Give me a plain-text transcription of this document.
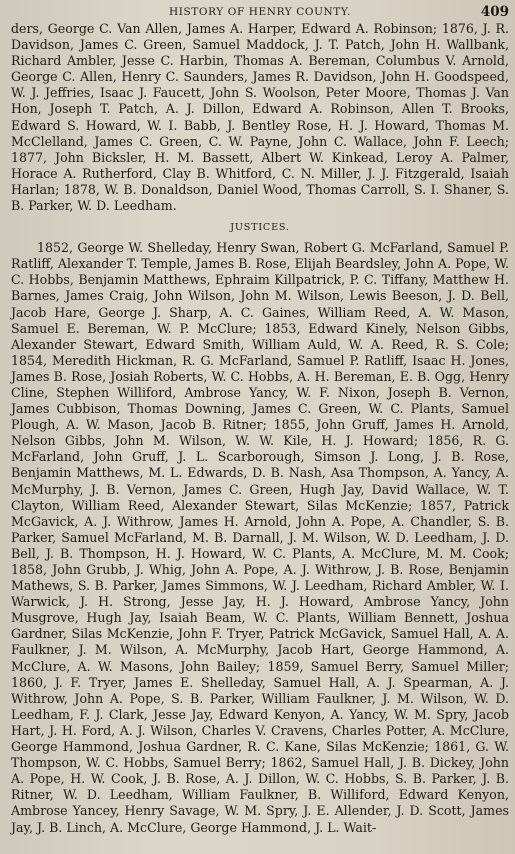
HISTORY OF HENRY COUNTY.	409

ders, George C. Van Allen, James A. Harper, Edward A. Robinson; 1876, J. R. Davidson, James C. Green, Samuel Maddock, J. T. Patch, John H. Wallbank, Richard Ambler, Jesse C. Harbin, Thomas A. Bereman, Columbus V. Arnold, George C. Allen, Henry C. Saunders, James R. Davidson, John H. Goodspeed, W. J. Jeffries, Isaac J. Faucett, John S. Woolson, Peter Moore, Thomas J. Van Hon, Joseph T. Patch, A. J. Dillon, Edward A. Robinson, Allen T. Brooks, Edward S. Howard, W. I. Babb, J. Bentley Rose, H. J. Howard, Thomas M. McClelland, James C. Green, C. W. Payne, John C. Wallace, John F. Leech; 1877, John Bicksler, H. M. Bassett, Albert W. Kinkead, Leroy A. Palmer, Horace A. Rutherford, Clay B. Whitford, C. N. Miller, J. J. Fitzgerald, Isaiah Harlan; 1878, W. B. Donaldson, Daniel Wood, Thomas Carroll, S. I. Shaner, S. B. Parker, W. D. Leedham.

JUSTICES.

1852, George W. Shelleday, Henry Swan, Robert G. McFarland, Samuel P. Ratliff, Alexander T. Temple, James B. Rose, Elijah Beardsley, John A. Pope, W. C. Hobbs, Benjamin Matthews, Ephraim Killpatrick, P. C. Tiffany, Matthew H. Barnes, James Craig, John Wilson, John M. Wilson, Lewis Beeson, J. D. Bell, Jacob Hare, George J. Sharp, A. C. Gaines, William Reed, A. W. Mason, Samuel E. Bereman, W. P. McClure; 1853, Edward Kinely, Nelson Gibbs, Alexander Stewart, Edward Smith, William Auld, W. A. Reed, R. S. Cole; 1854, Meredith Hickman, R. G. McFarland, Samuel P. Ratliff, Isaac H. Jones, James B. Rose, Josiah Roberts, W. C. Hobbs, A. H. Bereman, E. B. Ogg, Henry Cline, Stephen Williford, Ambrose Yancy, W. F. Nixon, Joseph B. Vernon, James Cubbison, Thomas Downing, James C. Green, W. C. Plants, Samuel Plough, A. W. Mason, Jacob B. Ritner; 1855, John Gruff, James H. Arnold, Nelson Gibbs, John M. Wilson, W. W. Kile, H. J. Howard; 1856, R. G. McFarland, John Gruff, J. L. Scarborough, Simson J. Long, J. B. Rose, Benjamin Matthews, M. L. Edwards, D. B. Nash, Asa Thompson, A. Yancy, A. McMurphy, J. B. Vernon, James C. Green, Hugh Jay, David Wallace, W. T. Clayton, William Reed, Alexander Stewart, Silas McKenzie; 1857, Patrick McGavick, A. J. Withrow, James H. Arnold, John A. Pope, A. Chandler, S. B. Parker, Samuel McFarland, M. B. Darnall, J. M. Wilson, W. D. Leedham, J. D. Bell, J. B. Thompson, H. J. Howard, W. C. Plants, A. McClure, M. M. Cook; 1858, John Grubb, J. Whig, John A. Pope, A. J. Withrow, J. B. Rose, Benjamin Mathews, S. B. Parker, James Simmons, W. J. Leedham, Richard Ambler, W. I. Warwick, J. H. Strong, Jesse Jay, H. J. Howard, Ambrose Yancy, John Musgrove, Hugh Jay, Isaiah Beam, W. C. Plants, William Bennett, Joshua Gardner, Silas McKenzie, John F. Tryer, Patrick McGavick, Samuel Hall, A. A. Faulkner, J. M. Wilson, A. McMurphy, Jacob Hart, George Hammond, A. McClure, A. W. Masons, John Bailey; 1859, Samuel Berry, Samuel Miller; 1860, J. F. Tryer, James E. Shelleday, Samuel Hall, A. J. Spearman, A. J. Withrow, John A. Pope, S. B. Parker, William Faulkner, J. M. Wilson, W. D. Leedham, F. J. Clark, Jesse Jay, Edward Kenyon, A. Yancy, W. M. Spry, Jacob Hart, J. H. Ford, A. J. Wilson, Charles V. Cravens, Charles Potter, A. McClure, George Hammond, Joshua Gardner, R. C. Kane, Silas McKenzie; 1861, G. W. Thompson, W. C. Hobbs, Samuel Berry; 1862, Samuel Hall, J. B. Dickey, John A. Pope, H. W. Cook, J. B. Rose, A. J. Dillon, W. C. Hobbs, S. B. Parker, J. B. Ritner, W. D. Leedham, William Faulkner, B. Williford, Edward Kenyon, Ambrose Yancey, Henry Savage, W. M. Spry, J. E. Allender, J. D. Scott, James Jay, J. B. Linch, A. McClure, George Hammond, J. L. Wait-
